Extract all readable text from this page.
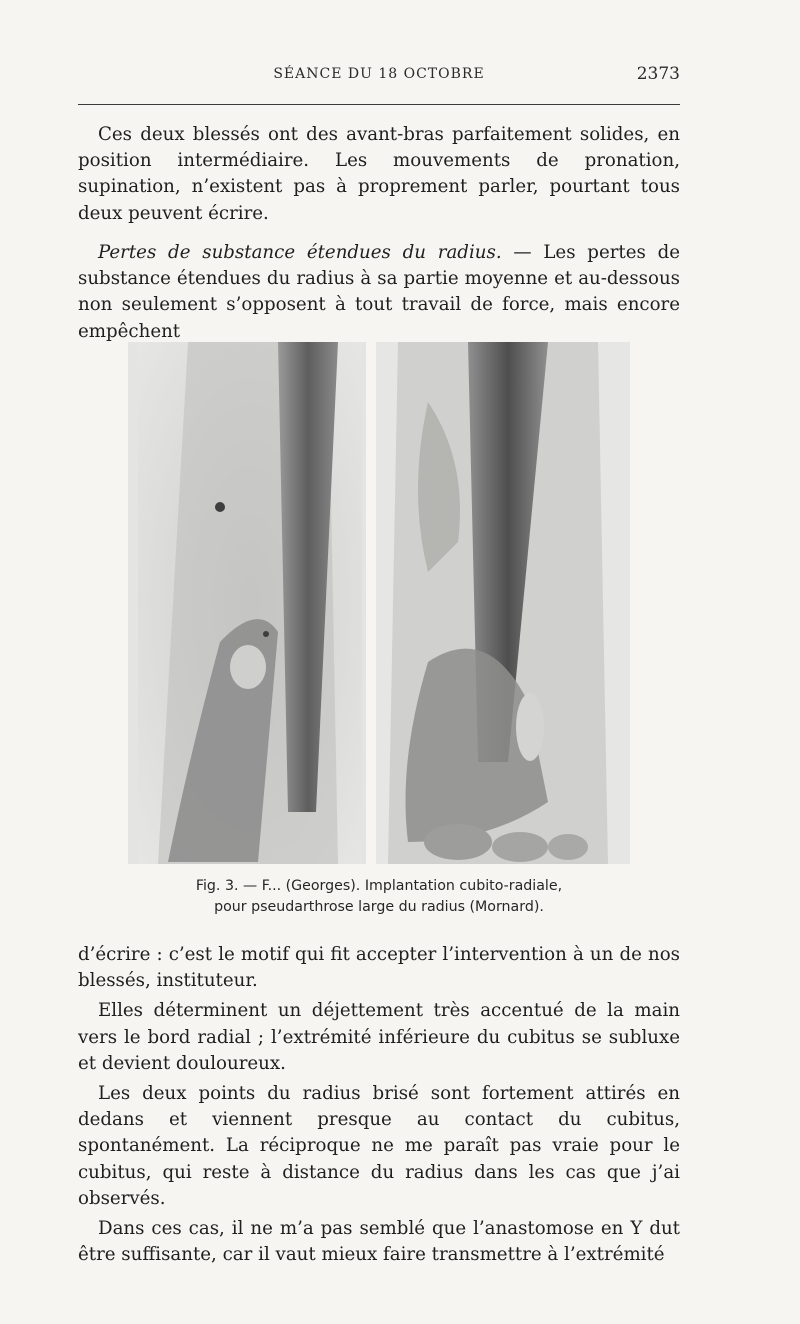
SÉANCE DU 18 OCTOBRE	2373

Ces deux blessés ont des avant-bras parfaitement solides, en position intermédiaire. Les mouvements de pronation, supination, n’existent pas à proprement parler, pourtant tous deux peuvent écrire.

Pertes de substance étendues du radius. — Les pertes de substance étendues du radius à sa partie moyenne et au-dessous non seulement s’opposent à tout travail de force, mais encore empêchent

Fig. 3. — F... (Georges). Implantation cubito-radiale,
pour pseudarthrose large du radius (Mornard).

d’écrire : c’est le motif qui fit accepter l’intervention à un de nos blessés, instituteur.

Elles déterminent un déjettement très accentué de la main vers le bord radial ; l’extrémité inférieure du cubitus se subluxe et devient douloureux.

Les deux points du radius brisé sont fortement attirés en dedans et viennent presque au contact du cubitus, spontanément. La réciproque ne me paraît pas vraie pour le cubitus, qui reste à distance du radius dans les cas que j’ai observés.

Dans ces cas, il ne m’a pas semblé que l’anastomose en Y dut être suffisante, car il vaut mieux faire transmettre à l’extrémité
